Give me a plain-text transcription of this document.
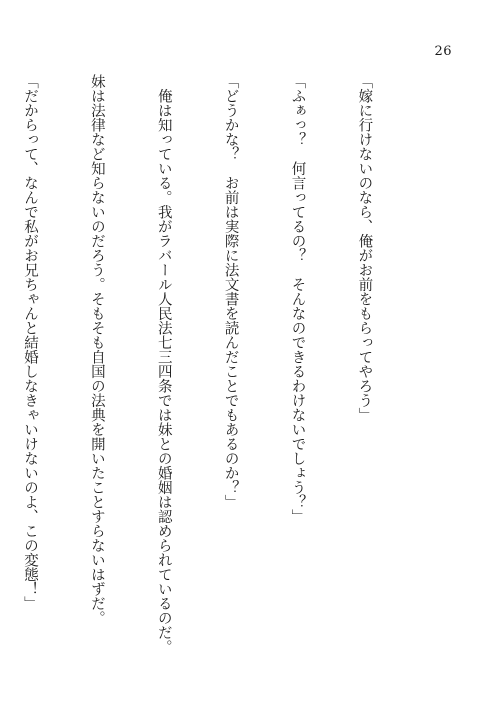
26

「嫁に行けないのなら、俺がお前をもらってやろう」

「ふぁっ？　何言ってるの？　そんなのできるわけないでしょう？」

「どうかな？　お前は実際に法文書を読んだことでもあるのか？」

　俺は知っている。我がラバール人民法七三四条では妹との婚姻は認められているのだ。

妹は法律など知らないのだろう。そもそも自国の法典を開いたことすらないはずだ。

「だからって、なんで私がお兄ちゃんと結婚しなきゃいけないのよ、この変態！」
